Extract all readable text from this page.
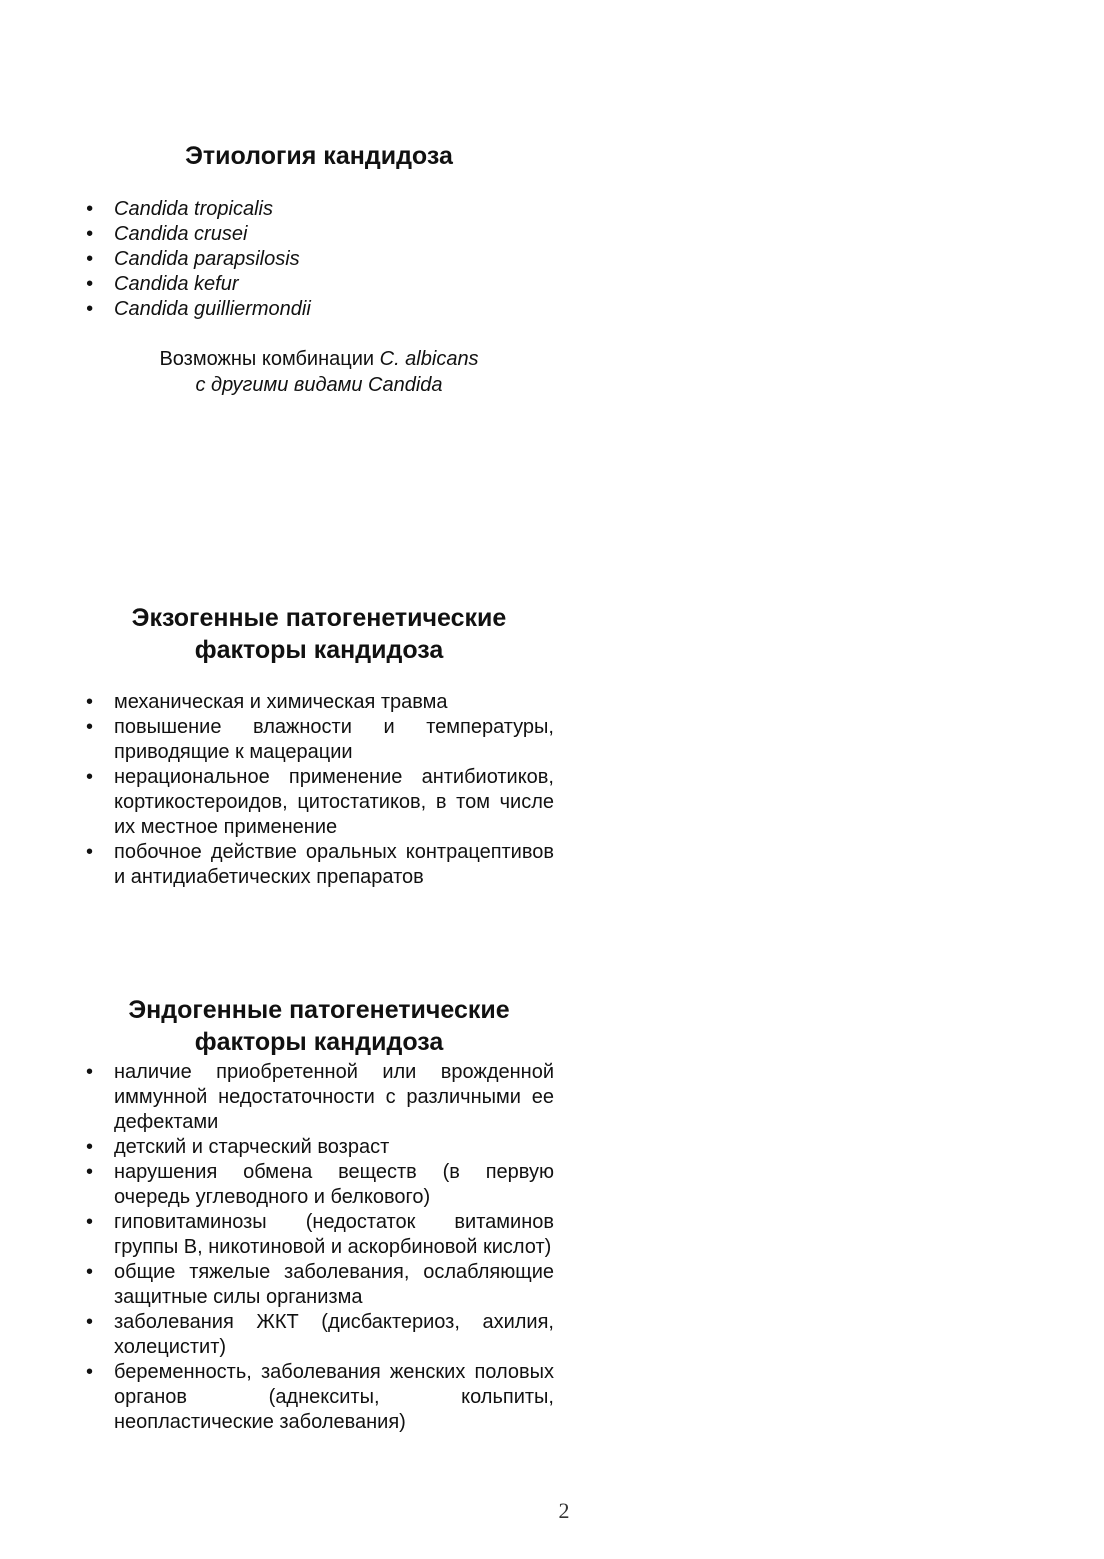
Этиология кандидоза
• Candida tropicalis
• Candida crusei
• Candida parapsilosis
• Candida kefur
• Candida guilliermondii
Возможны комбинации C. albicans
с другими видами Candida
Экзогенные патогенетические
факторы кандидоза
• механическая и химическая травма
• повышение влажности и температуры, приводящие к мацерации
• нерациональное применение антибиотиков, кортикостероидов, цитостатиков, в том числе их местное применение
• побочное действие оральных контрацептивов и антидиабетических препаратов
Эндогенные патогенетические
факторы кандидоза
• наличие приобретенной или врожденной иммунной недостаточности с различными ее дефектами
• детский и старческий возраст
• нарушения обмена веществ (в первую очередь углеводного и белкового)
• гиповитаминозы (недостаток витаминов группы В, никотиновой и аскорбиновой кислот)
• общие тяжелые заболевания, ослабляющие защитные силы организма
• заболевания ЖКТ (дисбактериоз, ахилия, холецистит)
• беременность, заболевания женских половых органов (аднекситы, кольпиты, неопластические заболевания)
2
